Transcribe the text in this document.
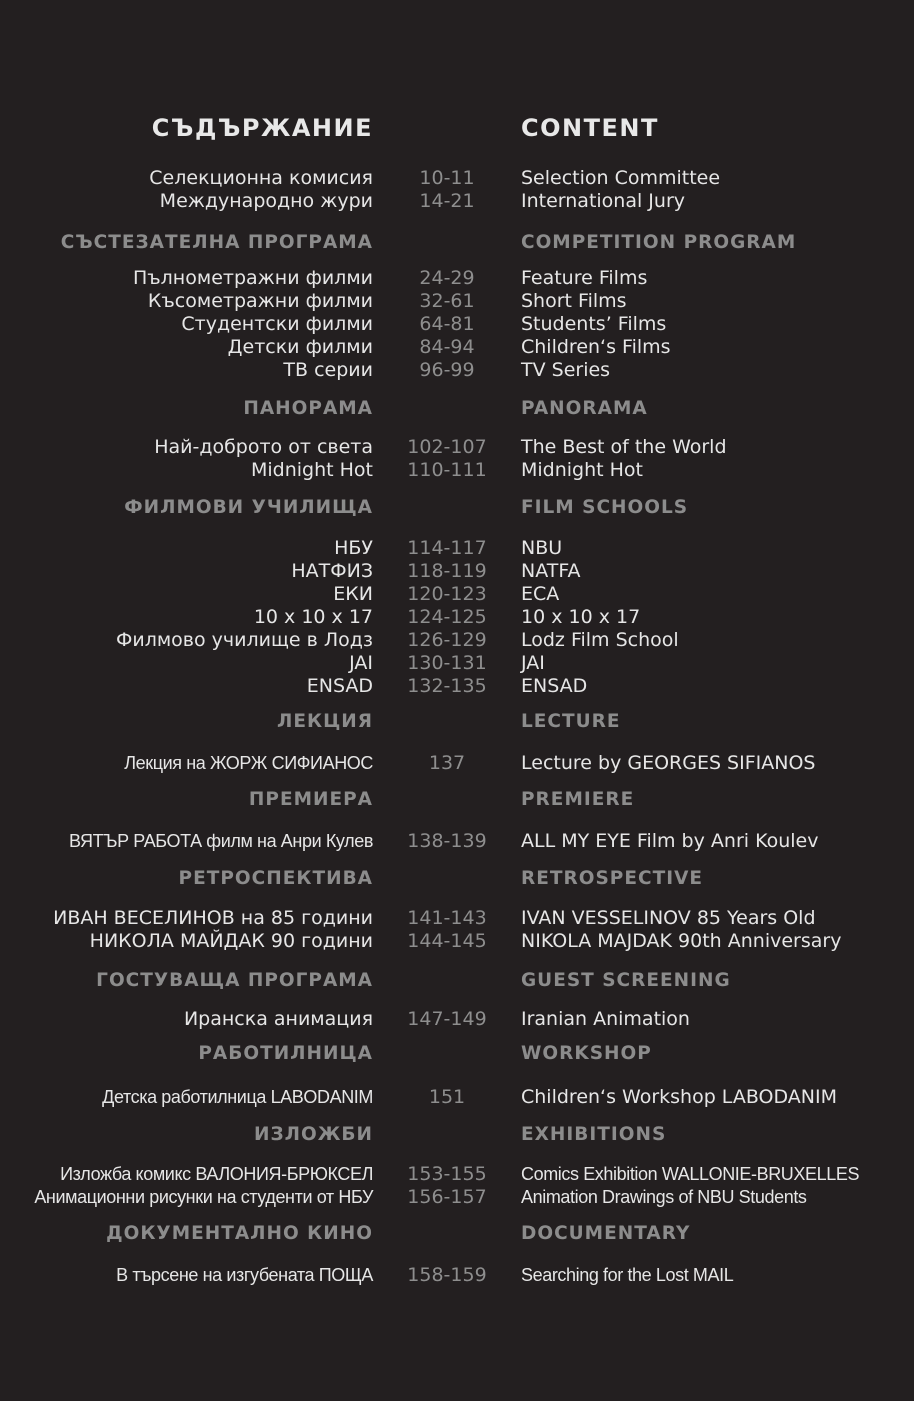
СЪДЪРЖАНИЕ	CONTENT
Селекционна комисия	10-11	Selection Committee
Международно жури	14-21	International Jury
СЪСТЕЗАТЕЛНА ПРОГРАМА	COMPETITION PROGRAM
Пълнометражни филми	24-29	Feature Films
Късометражни филми	32-61	Short Films
Студентски филми	64-81	Students’ Films
Детски филми	84-94	Children‘s Films
ТВ серии	96-99	TV Series
ПАНОРАМА	PANORAMA
Най-доброто от света	102-107	The Best of the World
Midnight Hot	110-111	Midnight Hot
ФИЛМОВИ УЧИЛИЩА	FILM SCHOOLS
НБУ	114-117	NBU
НАТФИЗ	118-119	NATFA
ЕКИ	120-123	ECA
10 x 10 x 17	124-125	10 x 10 x 17
Филмово училище в Лодз	126-129	Lodz Film School
JAI	130-131	JAI
ENSAD	132-135	ENSAD
ЛЕКЦИЯ	LECTURE
Лекция на ЖОРЖ СИФИАНОС	137	Lecture by GEORGES SIFIANOS
ПРЕМИЕРА	PREMIERE
ВЯТЪР РАБОТА филм на Анри Кулев	138-139	ALL MY EYE Film by Anri Koulev
РЕТРОСПЕКТИВА	RETROSPECTIVE
ИВАН ВЕСЕЛИНОВ на 85 години	141-143	IVAN VESSELINOV 85 Years Old
НИКОЛА МАЙДАК 90 години	144-145	NIKOLA MAJDAK 90th Anniversary
ГОСТУВАЩА ПРОГРАМА	GUEST SCREENING
Иранска анимация	147-149	Iranian Animation
РАБОТИЛНИЦА	WORKSHOP
Детска работилница LABODANIM	151	Children‘s Workshop LABODANIM
ИЗЛОЖБИ	EXHIBITIONS
Изложба комикс ВАЛОНИЯ-БРЮКСЕЛ	153-155	Comics Exhibition WALLONIE-BRUXELLES
Анимационни рисунки на студенти от НБУ	156-157	Animation Drawings of NBU Students
ДОКУМЕНТАЛНО КИНО	DOCUMENTARY
В търсене на изгубената ПОЩА	158-159	Searching for the Lost MAIL
